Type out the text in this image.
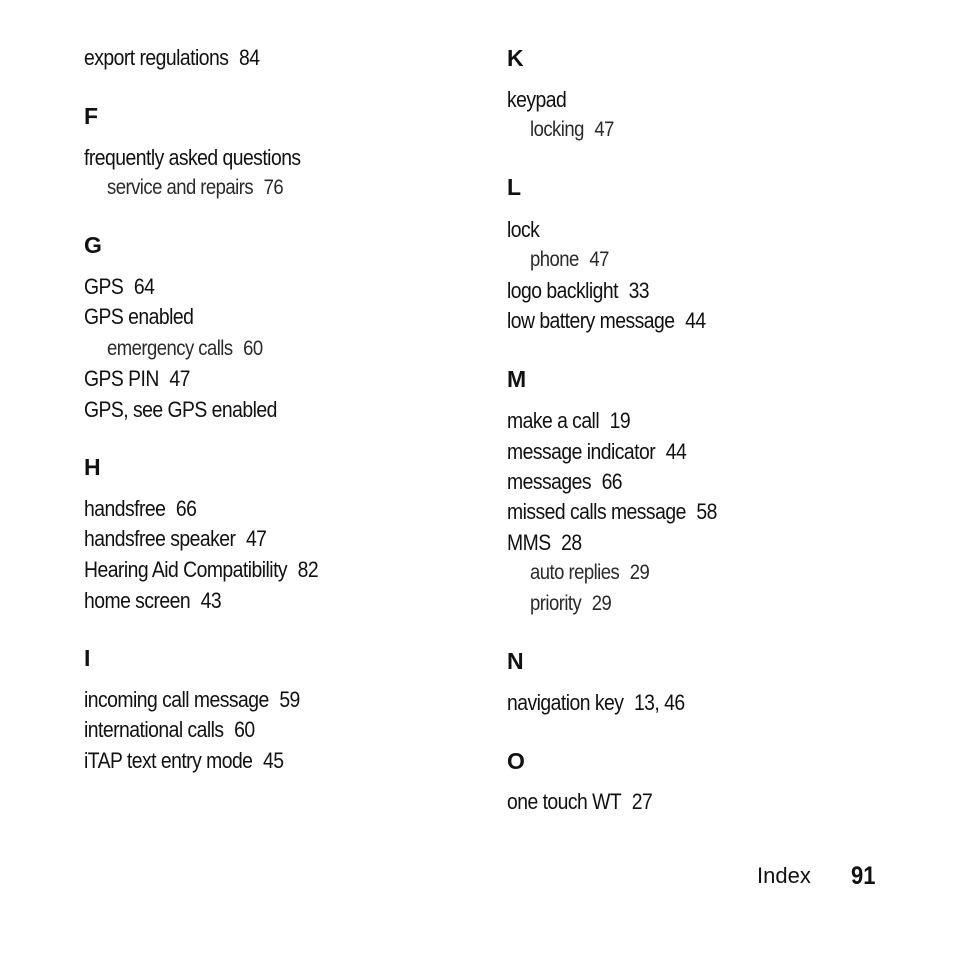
export regulations 84
F
frequently asked questions
service and repairs 76
G
GPS 64
GPS enabled
emergency calls 60
GPS PIN 47
GPS, see GPS enabled
H
handsfree 66
handsfree speaker 47
Hearing Aid Compatibility 82
home screen 43
I
incoming call message 59
international calls 60
iTAP text entry mode 45
K
keypad
locking 47
L
lock
phone 47
logo backlight 33
low battery message 44
M
make a call 19
message indicator 44
messages 66
missed calls message 58
MMS 28
auto replies 29
priority 29
N
navigation key 13, 46
O
one touch WT 27
Index 91
